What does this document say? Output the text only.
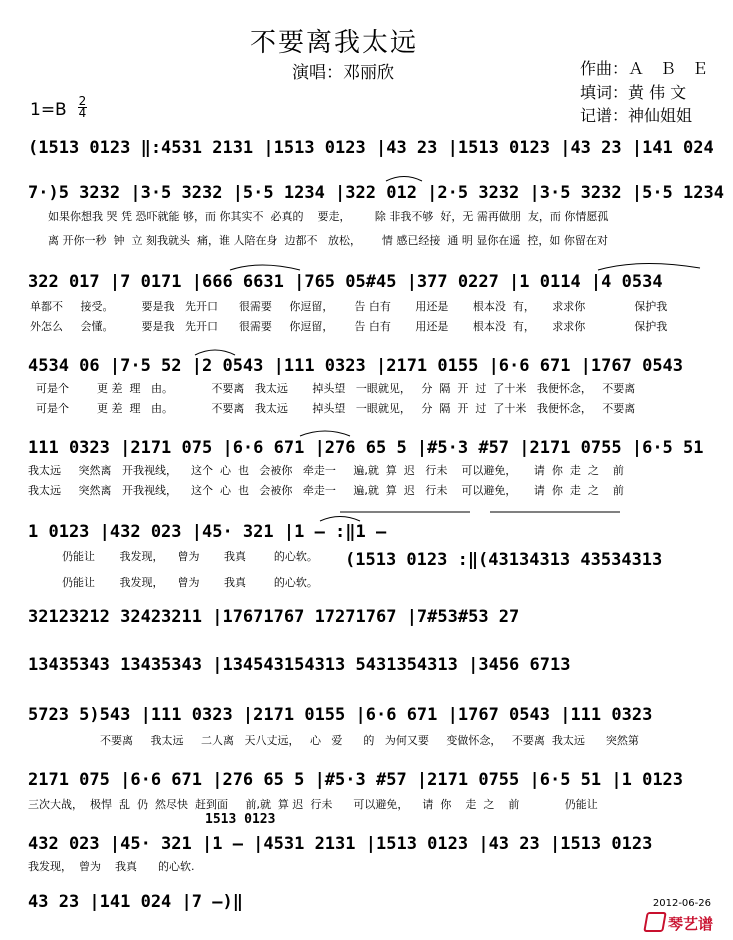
不要离我太远
演唱：邓丽欣	作曲：Ａ　Ｂ　Ｅ
填词：黄 伟 文
记谱：神仙姐姐
1=B 2
4
(1513 0123 ‖:4531 2131 |1513 0123 |43 23 |1513 0123 |43 23 |141 024
7·)5 3232 |3·5 3232 |5·5 1234 |322 012 |2·5 3232 |3·5 3232 |5·5 1234
如果你想我 哭 凭 恐吓就能 够，而 你其实不  必真的    要走，       除 非我不够  好，无 需再做朋  友，而 你情愿孤
离 开你一秒  钟  立 刻我就头  痛，谁 人陪在身  边都不   放松，      情 感已经接  通 明 显你在遥  控，如 你留在对
322 017 |7 0171 |666 6631 |765 05#45 |377 0227 |1 0114 |4 0534
单都不     接受。        要是我   先开口      很需要     你逗留，      告 白有       用还是       根本没  有，     求求你              保护我
外怎么     会懂。        要是我   先开口      很需要     你逗留，      告 白有       用还是       根本没  有，     求求你              保护我
4534 06 |7·5 52 |2 0543 |111 0323 |2171 0155 |6·6 671 |1767 0543
可是个        更 差  理   由。           不要离   我太远       掉头望   一眼就见，   分  隔  开  过  了十米   我便怀念，   不要离
可是个        更 差  理   由。           不要离   我太远       掉头望   一眼就见，   分  隔  开  过  了十米   我便怀念，   不要离
111 0323 |2171 075 |6·6 671 |276 65 5 |#5·3 #57 |2171 0755 |6·5 51
我太远     突然离   开我视线，    这个  心  也   会被你   牵走一     遍,就  算  迟   行未    可以避免，     请  你  走  之    前
我太远     突然离   开我视线，    这个  心  也   会被你   牵走一     遍,就  算  迟   行未    可以避免，     请  你  走  之    前
1 0123 |432 023 |45· 321 |1 – :‖1 –
(1513 0123 :‖(43134313 43534313
仍能让       我发现，    曾为       我真        的心软。
仍能让       我发现，    曾为       我真        的心软。
32123212 32423211 |17671767 17271767 |7#53#53 27
13435343 13435343 |134543154313 5431354313 |3456 6713
5723 5)543 |111 0323 |2171 0155 |6·6 671 |1767 0543 |111 0323
不要离     我太远     二人离   天八丈远，   心   爱      的   为何又要     变做怀念，   不要离  我太远      突然第
2171 075 |6·6 671 |276 65 5 |#5·3 #57 |2171 0755 |6·5 51 |1 0123
三次大战，  极悍  乱  仍  然尽快  赶到面     前,就  算 迟  行未      可以避免，    请  你    走  之    前             仍能让
1513 0123
432 023 |45· 321 |1 – |4531 2131 |1513 0123 |43 23 |1513 0123
我发现，  曾为    我真      的心软.
43 23 |141 024 |7 –)‖	2012-06-26
琴艺谱
